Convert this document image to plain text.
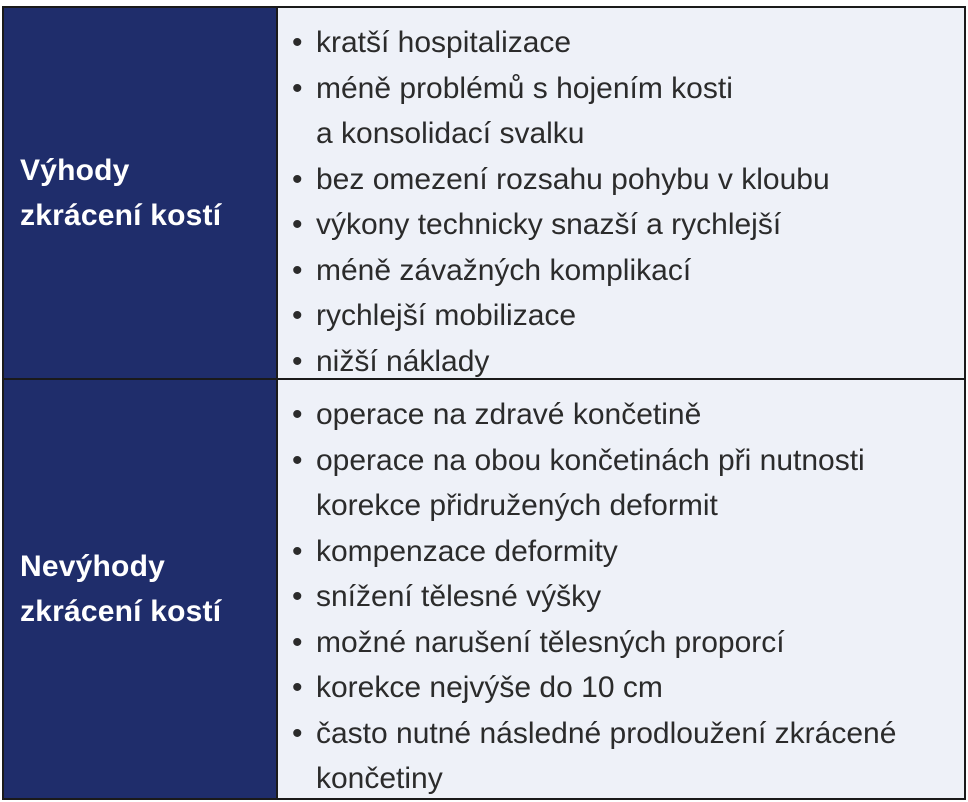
Výhody
zkrácení kostí
• kratší hospitalizace
• méně problémů s hojením kosti
a konsolidací svalku
• bez omezení rozsahu pohybu v kloubu
• výkony technicky snazší a rychlejší
• méně závažných komplikací
• rychlejší mobilizace
• nižší náklady
Nevýhody
zkrácení kostí
• operace na zdravé končetině
• operace na obou končetinách při nutnosti
korekce přidružených deformit
• kompenzace deformity
• snížení tělesné výšky
• možné narušení tělesných proporcí
• korekce nejvýše do 10 cm
• často nutné následné prodloužení zkrácené
končetiny
